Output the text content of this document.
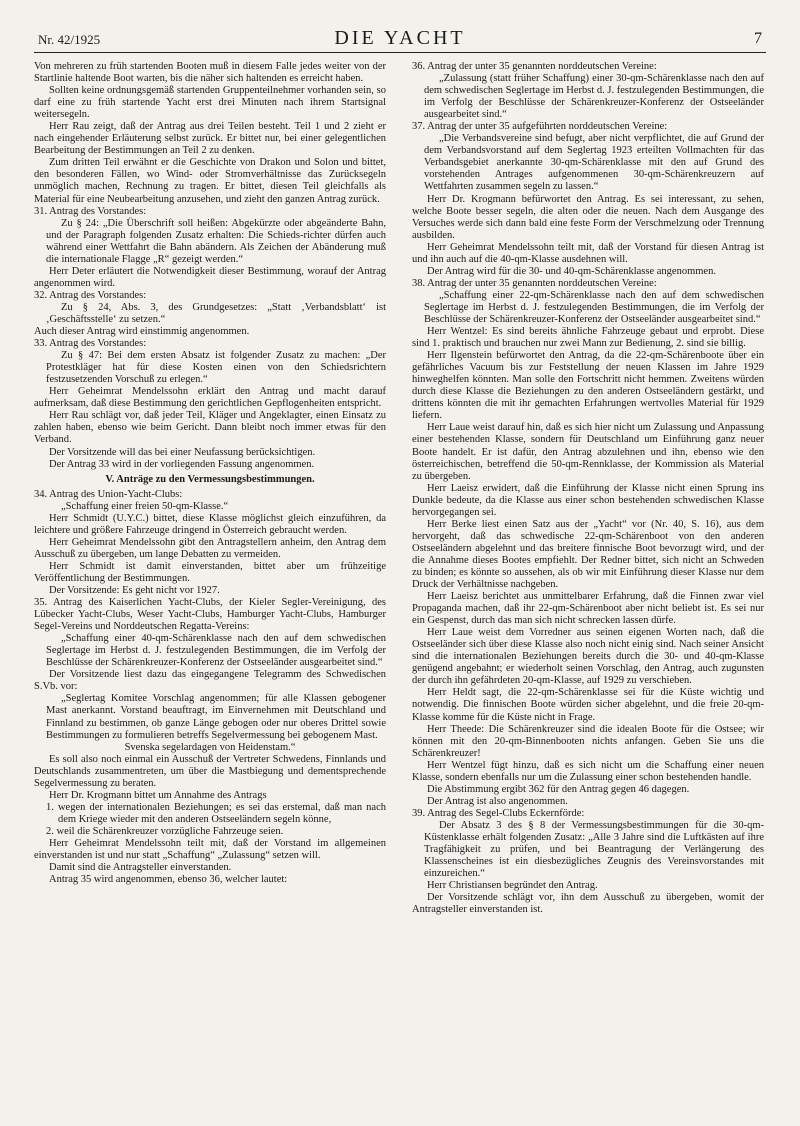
Nr. 42/1925	DIE YACHT	7

Von mehreren zu früh startenden Booten muß in diesem Falle jedes weiter von der Startlinie haltende Boot warten, bis die näher sich haltenden es erreicht haben.

Sollten keine ordnungsgemäß startenden Gruppenteilnehmer vorhanden sein, so darf eine zu früh startende Yacht erst drei Minuten nach ihrem Startsignal weitersegeln.

Herr Rau zeigt, daß der Antrag aus drei Teilen besteht. Teil 1 und 2 zieht er nach eingehender Erläuterung selbst zurück. Er bittet nur, bei einer gelegentlichen Bearbeitung der Bestimmungen an Teil 2 zu denken.

Zum dritten Teil erwähnt er die Geschichte von Drakon und Solon und bittet, den besonderen Fällen, wo Wind- oder Stromverhältnisse das Zurücksegeln unmöglich machen, Rechnung zu tragen. Er bittet, diesen Teil gleichfalls als Material für eine Neubearbeitung anzusehen, und zieht den ganzen Antrag zurück.

31. Antrag des Vorstandes:

Zu § 24: „Die Überschrift soll heißen: Abgekürzte oder abgeänderte Bahn, und der Paragraph folgenden Zusatz erhalten: Die Schieds-richter dürfen auch während einer Wettfahrt die Bahn abändern. Als Zeichen der Abänderung muß die internationale Flagge „R“ gezeigt werden.“

Herr Deter erläutert die Notwendigkeit dieser Bestimmung, worauf der Antrag angenommen wird.

32. Antrag des Vorstandes:

Zu § 24, Abs. 3, des Grundgesetzes: „Statt ‚Verbandsblatt‘ ist ‚Geschäftsstelle‘ zu setzen.“

Auch dieser Antrag wird einstimmig angenommen.

33. Antrag des Vorstandes:

Zu § 47: Bei dem ersten Absatz ist folgender Zusatz zu machen: „Der Protestkläger hat für diese Kosten einen von den Schiedsrichtern festzusetzenden Vorschuß zu erlegen.“

Herr Geheimrat Mendelssohn erklärt den Antrag und macht darauf aufmerksam, daß diese Bestimmung den gerichtlichen Gepflogenheiten entspricht.

Herr Rau schlägt vor, daß jeder Teil, Kläger und Angeklagter, einen Einsatz zu zahlen haben, ebenso wie beim Gericht. Dann bleibt noch immer etwas für den Verband.

Der Vorsitzende will das bei einer Neufassung berücksichtigen.

Der Antrag 33 wird in der vorliegenden Fassung angenommen.

V. Anträge zu den Vermessungsbestimmungen.

34. Antrag des Union-Yacht-Clubs:

„Schaffung einer freien 50-qm-Klasse.“

Herr Schmidt (U.Y.C.) bittet, diese Klasse möglichst gleich einzuführen, da leichtere und größere Fahrzeuge dringend in Österreich gebraucht werden.

Herr Geheimrat Mendelssohn gibt den Antragstellern anheim, den Antrag dem Ausschuß zu übergeben, um lange Debatten zu vermeiden.

Herr Schmidt ist damit einverstanden, bittet aber um frühzeitige Veröffentlichung der Bestimmungen.

Der Vorsitzende: Es geht nicht vor 1927.

35. Antrag des Kaiserlichen Yacht-Clubs, der Kieler Segler-Vereinigung, des Lübecker Yacht-Clubs, Weser Yacht-Clubs, Hamburger Yacht-Clubs, Hamburger Segel-Vereins und Norddeutschen Regatta-Vereins:

„Schaffung einer 40-qm-Schärenklasse nach den auf dem schwedischen Seglertage im Herbst d. J. festzulegenden Bestimmungen, die im Verfolg der Beschlüsse der Schärenkreuzer-Konferenz der Ostseeländer ausgearbeitet sind.“

Der Vorsitzende liest dazu das eingegangene Telegramm des Schwedischen S.Vb. vor:

„Seglertag Komitee Vorschlag angenommen; für alle Klassen gebogener Mast anerkannt. Vorstand beauftragt, im Einvernehmen mit Deutschland und Finnland zu bestimmen, ob ganze Länge gebogen oder nur oberes Drittel sowie Bestimmungen zu formulieren betreffs Segelvermessung bei gebogenem Mast.

Svenska segelardagen von Heidenstam.“

Es soll also noch einmal ein Ausschuß der Vertreter Schwedens, Finnlands und Deutschlands zusammentreten, um über die Mastbiegung und dementsprechende Segelvermessung zu beraten.

Herr Dr. Krogmann bittet um Annahme des Antrags

1. wegen der internationalen Beziehungen; es sei das erstemal, daß man nach dem Kriege wieder mit den anderen Ostseeländern segeln könne,

2. weil die Schärenkreuzer vorzügliche Fahrzeuge seien.

Herr Geheimrat Mendelssohn teilt mit, daß der Vorstand im allgemeinen einverstanden ist und nur statt „Schaffung“ „Zulassung“ setzen will.

Damit sind die Antragsteller einverstanden.

Antrag 35 wird angenommen, ebenso 36, welcher lautet:

36. Antrag der unter 35 genannten norddeutschen Vereine:

„Zulassung (statt früher Schaffung) einer 30-qm-Schärenklasse nach den auf dem schwedischen Seglertage im Herbst d. J. festzulegenden Bestimmungen, die im Verfolg der Beschlüsse der Schärenkreuzer-Konferenz der Ostseeländer ausgearbeitet sind.“

37. Antrag der unter 35 aufgeführten norddeutschen Vereine:

„Die Verbandsvereine sind befugt, aber nicht verpflichtet, die auf Grund der dem Verbandsvorstand auf dem Seglertag 1923 erteilten Vollmachten für das Verbandsgebiet anerkannte 30-qm-Schärenklasse mit den auf Grund des vorstehenden Antrages aufgenommenen 30-qm-Schärenkreuzern auf Wettfahrten zusammen segeln zu lassen.“

Herr Dr. Krogmann befürwortet den Antrag. Es sei interessant, zu sehen, welche Boote besser segeln, die alten oder die neuen. Nach dem Ausgange des Versuches werde sich dann bald eine feste Form der Verschmelzung oder Trennung ausbilden.

Herr Geheimrat Mendelssohn teilt mit, daß der Vorstand für diesen Antrag ist und ihn auch auf die 40-qm-Klasse ausdehnen will.

Der Antrag wird für die 30- und 40-qm-Schärenklasse angenommen.

38. Antrag der unter 35 genannten norddeutschen Vereine:

„Schaffung einer 22-qm-Schärenklasse nach den auf dem schwedischen Seglertage im Herbst d. J. festzulegenden Bestimmungen, die im Verfolg der Beschlüsse der Schärenkreuzer-Konferenz der Ostseeländer ausgearbeitet sind.“

Herr Wentzel: Es sind bereits ähnliche Fahrzeuge gebaut und erprobt. Diese sind 1. praktisch und brauchen nur zwei Mann zur Bedienung, 2. sind sie billig.

Herr Ilgenstein befürwortet den Antrag, da die 22-qm-Schärenboote über ein gefährliches Vacuum bis zur Feststellung der neuen Klassen im Jahre 1929 hinweghelfen könnten. Man solle den Fortschritt nicht hemmen. Zweitens würden durch diese Klasse die Beziehungen zu den anderen Ostseeländern gestärkt, und drittens könnten die mit ihr gemachten Erfahrungen wertvolles Material für 1929 liefern.

Herr Laue weist darauf hin, daß es sich hier nicht um Zulassung und Anpassung einer bestehenden Klasse, sondern für Deutschland um Einführung ganz neuer Boote handelt. Er ist dafür, den Antrag abzulehnen und ihn, ebenso wie den österreichischen, betreffend die 50-qm-Rennklasse, der Kommission als Material zu übergeben.

Herr Laeisz erwidert, daß die Einführung der Klasse nicht einen Sprung ins Dunkle bedeute, da die Klasse aus einer schon bestehenden schwedischen Klasse hervorgegangen sei.

Herr Berke liest einen Satz aus der „Yacht“ vor (Nr. 40, S. 16), aus dem hervorgeht, daß das schwedische 22-qm-Schärenboot von den anderen Ostseeländern abgelehnt und das breitere finnische Boot bevorzugt wird, und der die Annahme dieses Bootes empfiehlt. Der Redner bittet, sich nicht an Schweden zu binden; es könnte so aussehen, als ob wir mit Einführung dieser Klasse nur dem Druck der Verhältnisse nachgeben.

Herr Laeisz berichtet aus unmittelbarer Erfahrung, daß die Finnen zwar viel Propaganda machen, daß ihr 22-qm-Schärenboot aber nicht beliebt ist. Es sei nur ein Gespenst, durch das man sich nicht schrecken lassen dürfe.

Herr Laue weist dem Vorredner aus seinen eigenen Worten nach, daß die Ostseeländer sich über diese Klasse also noch nicht einig sind. Nach seiner Ansicht sind die internationalen Beziehungen bereits durch die 30- und 40-qm-Klasse genügend angebahnt; er wiederholt seinen Vorschlag, den Antrag, auch zugunsten der durch ihn gefährdeten 20-qm-Klasse, auf 1929 zu verschieben.

Herr Heldt sagt, die 22-qm-Schärenklasse sei für die Küste wichtig und notwendig. Die finnischen Boote würden sicher abgelehnt, und die freie 20-qm-Klasse komme für die Küste nicht in Frage.

Herr Theede: Die Schärenkreuzer sind die idealen Boote für die Ostsee; wir können mit den 20-qm-Binnenbooten nichts anfangen. Geben Sie uns die Schärenkreuzer!

Herr Wentzel fügt hinzu, daß es sich nicht um die Schaffung einer neuen Klasse, sondern ebenfalls nur um die Zulassung einer schon bestehenden handle.

Die Abstimmung ergibt 362 für den Antrag gegen 46 dagegen.

Der Antrag ist also angenommen.

39. Antrag des Segel-Clubs Eckernförde:

Der Absatz 3 des § 8 der Vermessungsbestimmungen für die 30-qm-Küstenklasse erhält folgenden Zusatz: „Alle 3 Jahre sind die Luftkästen auf ihre Tragfähigkeit zu prüfen, und bei Beantragung der Verlängerung des Klassenscheines ist ein diesbezügliches Zeugnis des Vereinsvorstandes mit einzureichen.“

Herr Christiansen begründet den Antrag.

Der Vorsitzende schlägt vor, ihn dem Ausschuß zu übergeben, womit der Antragsteller einverstanden ist.
